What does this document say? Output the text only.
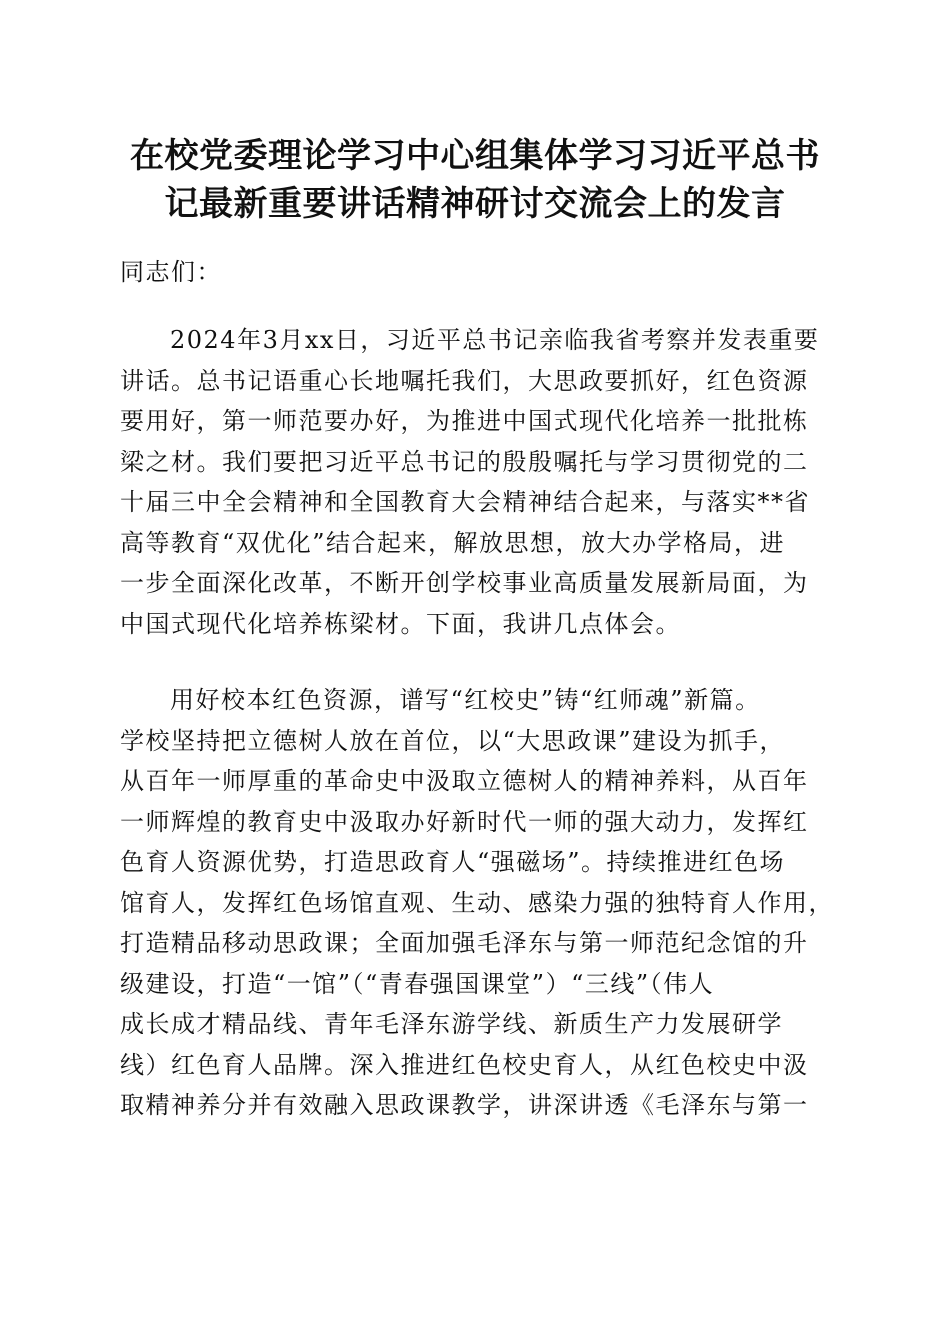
在校党委理论学习中心组集体学习习近平总书
记最新重要讲话精神研讨交流会上的发言
同志们：
2024年3月xx日，习近平总书记亲临我省考察并发表重要
讲话。总书记语重心长地嘱托我们，大思政要抓好，红色资源
要用好，第一师范要办好，为推进中国式现代化培养一批批栋
梁之材。我们要把习近平总书记的殷殷嘱托与学习贯彻党的二
十届三中全会精神和全国教育大会精神结合起来，与落实**省
高等教育“双优化”结合起来，解放思想，放大办学格局，进
一步全面深化改革，不断开创学校事业高质量发展新局面，为
中国式现代化培养栋梁材。下面，我讲几点体会。
用好校本红色资源，谱写“红校史”铸“红师魂”新篇。
学校坚持把立德树人放在首位，以“大思政课”建设为抓手，
从百年一师厚重的革命史中汲取立德树人的精神养料，从百年
一师辉煌的教育史中汲取办好新时代一师的强大动力，发挥红
色育人资源优势，打造思政育人“强磁场”。持续推进红色场
馆育人，发挥红色场馆直观、生动、感染力强的独特育人作用，
打造精品移动思政课；全面加强毛泽东与第一师范纪念馆的升
级建设，打造“一馆”（“青春强国课堂”）“三线”（伟人
成长成才精品线、青年毛泽东游学线、新质生产力发展研学
线）红色育人品牌。深入推进红色校史育人，从红色校史中汲
取精神养分并有效融入思政课教学，讲深讲透《毛泽东与第一
